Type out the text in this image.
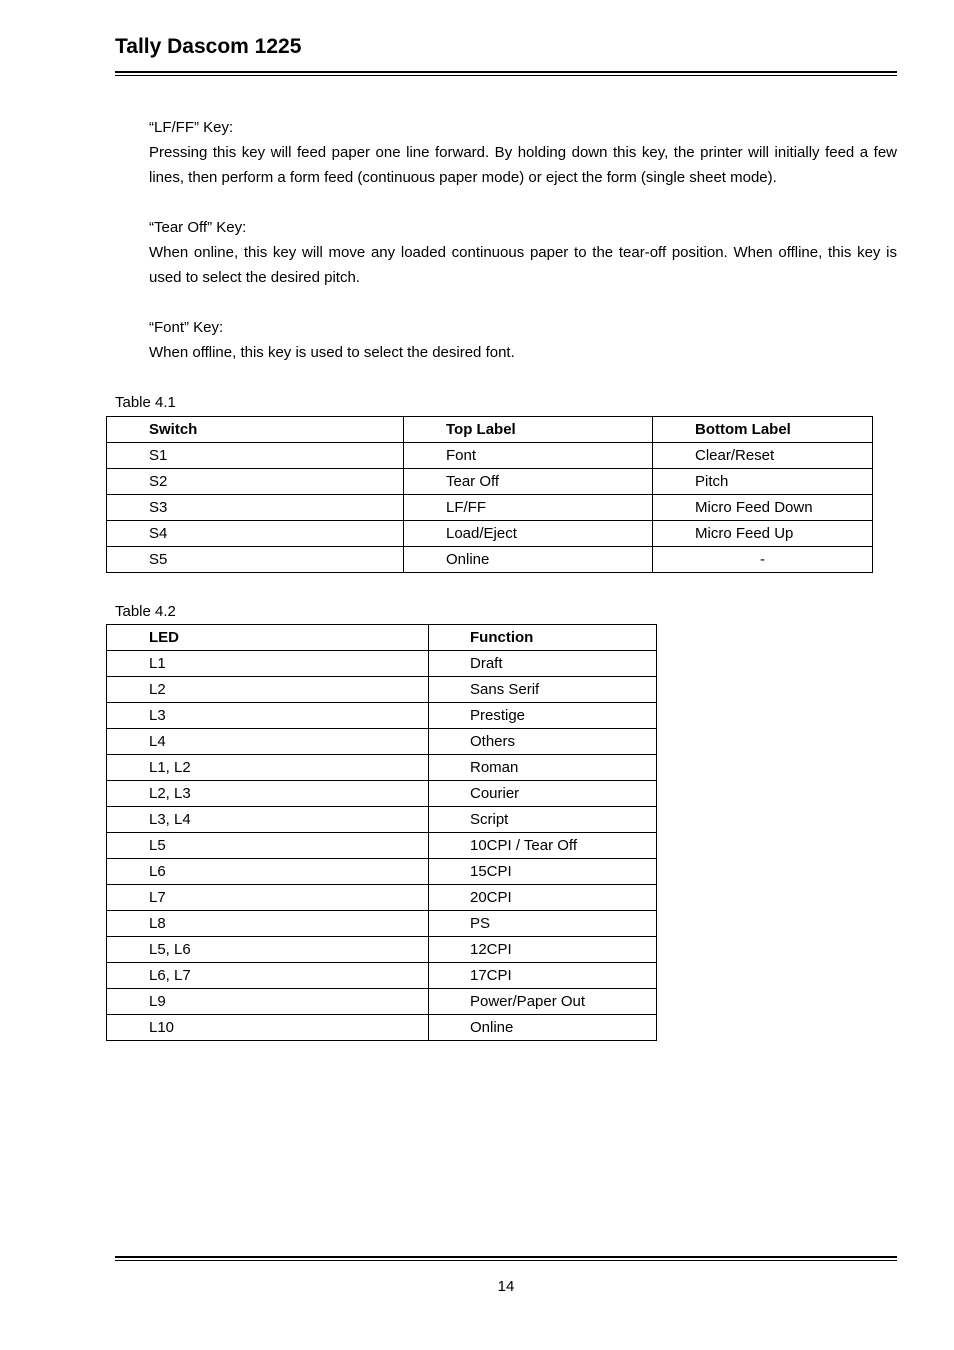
Tally Dascom 1225

“LF/FF” Key:

Pressing this key will feed paper one line forward. By holding down this key, the printer will initially feed a few lines, then perform a form feed (continuous paper mode) or eject the form (single sheet mode).

“Tear Off” Key:

When online, this key will move any loaded continuous paper to the tear-off position. When offline, this key is used to select the desired pitch.

“Font” Key:

When offline, this key is used to select the desired font.

Table 4.1

Switch	Top Label	Bottom Label
S1	Font	Clear/Reset
S2	Tear Off	Pitch
S3	LF/FF	Micro Feed Down
S4	Load/Eject	Micro Feed Up
S5	Online	-

Table 4.2

LED	Function
L1	Draft
L2	Sans Serif
L3	Prestige
L4	Others
L1, L2	Roman
L2, L3	Courier
L3, L4	Script
L5	10CPI / Tear Off
L6	15CPI
L7	20CPI
L8	PS
L5, L6	12CPI
L6, L7	17CPI
L9	Power/Paper Out
L10	Online

14
